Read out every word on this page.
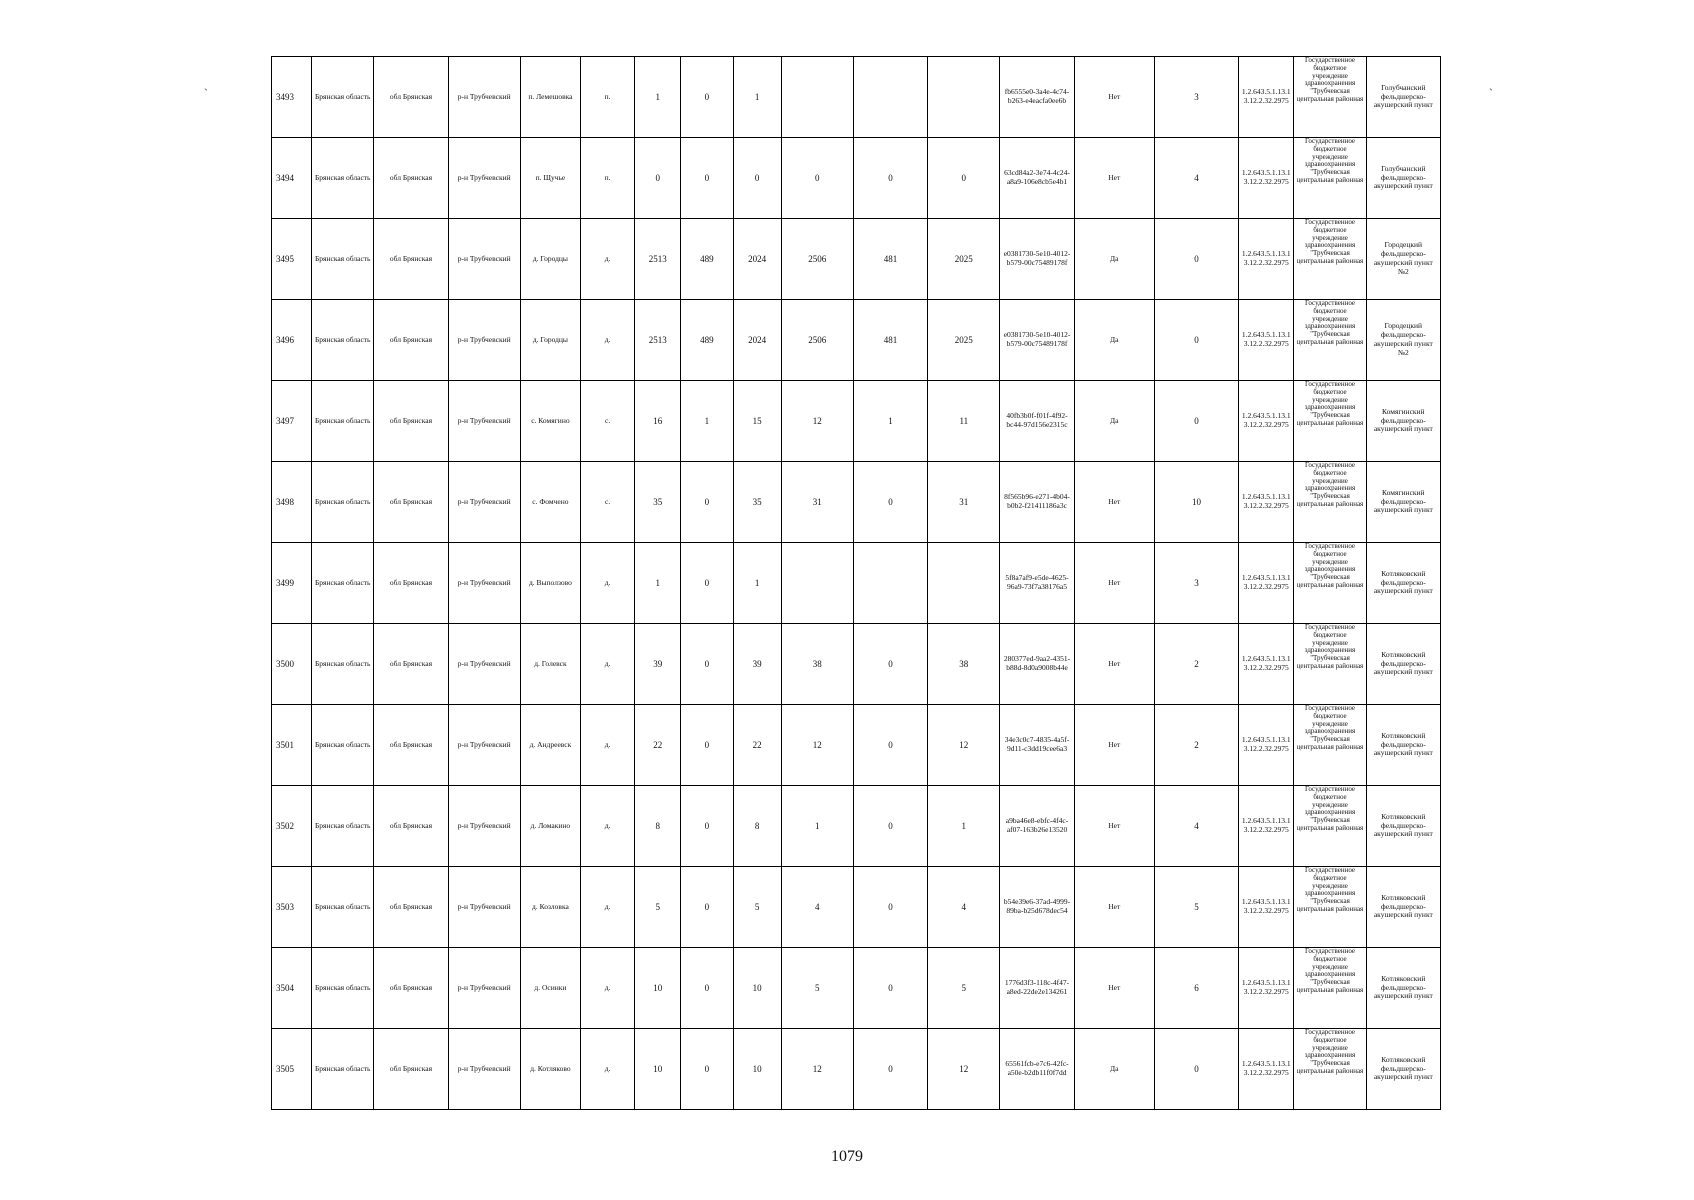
3493	Брянская область	обл Брянская	р-н Трубчевский	п. Лемешовка	п.	1	0	1				fb6555e0-3a4e-4c74-b263-e4eacfa0ee6b	Нет	3	1.2.643.5.1.13.13.12.2.32.2975	Государственное бюджетное учреждение здравоохранения "Трубчевская центральная районная	Голубчанский фельдшерско-акушерский пункт
3494	Брянская область	обл Брянская	р-н Трубчевский	п. Щучье	п.	0	0	0	0	0	0	63cd84a2-3e74-4c24-a8a9-106e8cb5e4b1	Нет	4	1.2.643.5.1.13.13.12.2.32.2975	Государственное бюджетное учреждение здравоохранения "Трубчевская центральная районная	Голубчанский фельдшерско-акушерский пункт
3495	Брянская область	обл Брянская	р-н Трубчевский	д. Городцы	д.	2513	489	2024	2506	481	2025	e0381730-5e10-4012-b579-00c75489178f	Да	0	1.2.643.5.1.13.13.12.2.32.2975	Государственное бюджетное учреждение здравоохранения "Трубчевская центральная районная	Городецкий фельдшерско-акушерский пункт №2
3496	Брянская область	обл Брянская	р-н Трубчевский	д. Городцы	д.	2513	489	2024	2506	481	2025	e0381730-5e10-4012-b579-00c75489178f	Да	0	1.2.643.5.1.13.13.12.2.32.2975	Государственное бюджетное учреждение здравоохранения "Трубчевская центральная районная	Городецкий фельдшерско-акушерский пункт №2
3497	Брянская область	обл Брянская	р-н Трубчевский	с. Комягино	с.	16	1	15	12	1	11	40fb3b0f-f01f-4f92-bc44-97d156e2315c	Да	0	1.2.643.5.1.13.13.12.2.32.2975	Государственное бюджетное учреждение здравоохранения "Трубчевская центральная районная	Комягинский фельдшерско-акушерский пункт
3498	Брянская область	обл Брянская	р-н Трубчевский	с. Фомчено	с.	35	0	35	31	0	31	8f565b96-e271-4b04-b0b2-f21411186a3c	Нет	10	1.2.643.5.1.13.13.12.2.32.2975	Государственное бюджетное учреждение здравоохранения "Трубчевская центральная районная	Комягинский фельдшерско-акушерский пункт
3499	Брянская область	обл Брянская	р-н Трубчевский	д. Выползово	д.	1	0	1				5f8a7af9-e5de-4625-96a9-73f7a38176a5	Нет	3	1.2.643.5.1.13.13.12.2.32.2975	Государственное бюджетное учреждение здравоохранения "Трубчевская центральная районная	Котляковский фельдшерско-акушерский пункт
3500	Брянская область	обл Брянская	р-н Трубчевский	д. Голевск	д.	39	0	39	38	0	38	280377ed-9aa2-4351-b88d-8d0a9008b44e	Нет	2	1.2.643.5.1.13.13.12.2.32.2975	Государственное бюджетное учреждение здравоохранения "Трубчевская центральная районная	Котляковский фельдшерско-акушерский пункт
3501	Брянская область	обл Брянская	р-н Трубчевский	д. Андреевск	д.	22	0	22	12	0	12	34e3c0c7-4835-4a5f-9d11-c3dd19cee6a3	Нет	2	1.2.643.5.1.13.13.12.2.32.2975	Государственное бюджетное учреждение здравоохранения "Трубчевская центральная районная	Котляковский фельдшерско-акушерский пункт
3502	Брянская область	обл Брянская	р-н Трубчевский	д. Ломакино	д.	8	0	8	1	0	1	a9ba46e8-ebfc-4f4c-af07-163b26e13520	Нет	4	1.2.643.5.1.13.13.12.2.32.2975	Государственное бюджетное учреждение здравоохранения "Трубчевская центральная районная	Котляковский фельдшерско-акушерский пункт
3503	Брянская область	обл Брянская	р-н Трубчевский	д. Козловка	д.	5	0	5	4	0	4	b54e39e6-37ad-4999-89ba-b25d678dec54	Нет	5	1.2.643.5.1.13.13.12.2.32.2975	Государственное бюджетное учреждение здравоохранения "Трубчевская центральная районная	Котляковский фельдшерско-акушерский пункт
3504	Брянская область	обл Брянская	р-н Трубчевский	д. Осинки	д.	10	0	10	5	0	5	1776d3f3-118c-4f47-a8ed-22de2e134261	Нет	6	1.2.643.5.1.13.13.12.2.32.2975	Государственное бюджетное учреждение здравоохранения "Трубчевская центральная районная	Котляковский фельдшерско-акушерский пункт
3505	Брянская область	обл Брянская	р-н Трубчевский	д. Котляково	д.	10	0	10	12	0	12	65561fcb-e7c6-42fc-a50e-b2db11f0f7dd	Да	0	1.2.643.5.1.13.13.12.2.32.2975	Государственное бюджетное учреждение здравоохранения "Трубчевская центральная районная	Котляковский фельдшерско-акушерский пункт
`	`
1079
